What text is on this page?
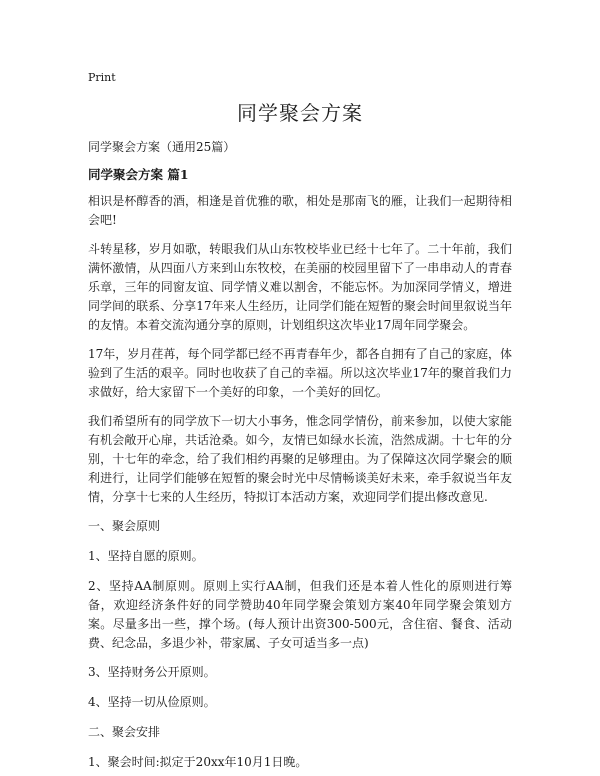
Print
同学聚会方案
同学聚会方案（通用25篇）
同学聚会方案 篇1

相识是杯醇香的酒，相逢是首优雅的歌，相处是那南飞的雁，让我们一起期待相会吧!

斗转星移，岁月如歌，转眼我们从山东牧校毕业已经十七年了。二十年前，我们满怀激情，从四面八方来到山东牧校，在美丽的校园里留下了一串串动人的青春乐章，三年的同窗友谊、同学情义难以割舍，不能忘怀。为加深同学情义，增进同学间的联系、分享17年来人生经历，让同学们能在短暂的聚会时间里叙说当年的友情。本着交流沟通分享的原则，计划组织这次毕业17周年同学聚会。

17年，岁月荏苒，每个同学都已经不再青春年少，都各自拥有了自己的家庭，体验到了生活的艰辛。同时也收获了自己的幸福。所以这次毕业17年的聚首我们力求做好，给大家留下一个美好的印象，一个美好的回忆。

我们希望所有的同学放下一切大小事务，惟念同学情份，前来参加，以使大家能有机会敞开心扉，共话沧桑。如今，友情已如绿水长流，浩然成湖。十七年的分别，十七年的牵念，给了我们相约再聚的足够理由。为了保障这次同学聚会的顺利进行，让同学们能够在短暂的聚会时光中尽情畅谈美好未来，牵手叙说当年友情，分享十七来的人生经历，特拟订本活动方案，欢迎同学们提出修改意见.

一、聚会原则

1、坚持自愿的原则。

2、坚持AA制原则。原则上实行AA制，但我们还是本着人性化的原则进行筹备，欢迎经济条件好的同学赞助40年同学聚会策划方案40年同学聚会策划方案。尽量多出一些，撑个场。(每人预计出资300-500元，含住宿、餐食、活动费、纪念品，多退少补，带家属、子女可适当多一点)

3、坚持财务公开原则。

4、坚持一切从俭原则。

二、聚会安排

1、聚会时间:拟定于20xx年10月1日晚。
